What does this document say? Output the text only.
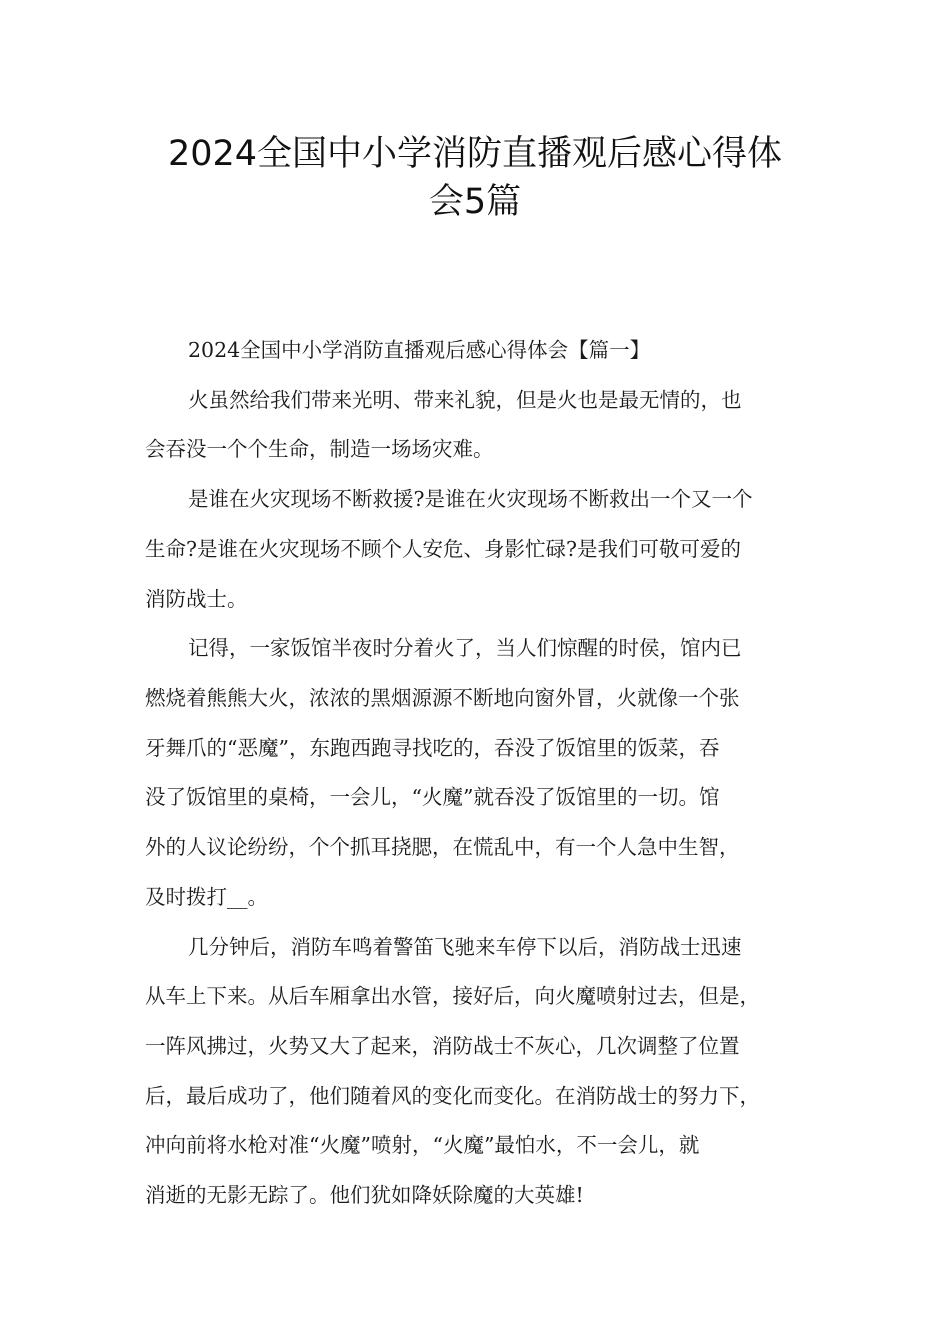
2024全国中小学消防直播观后感心得体
会5篇

2024全国中小学消防直播观后感心得体会【篇一】

火虽然给我们带来光明、带来礼貌，但是火也是最无情的，也

会吞没一个个生命，制造一场场灾难。

是谁在火灾现场不断救援?是谁在火灾现场不断救出一个又一个

生命?是谁在火灾现场不顾个人安危、身影忙碌?是我们可敬可爱的

消防战士。

记得，一家饭馆半夜时分着火了，当人们惊醒的时侯，馆内已

燃烧着熊熊大火，浓浓的黑烟源源不断地向窗外冒，火就像一个张

牙舞爪的“恶魔”，东跑西跑寻找吃的，吞没了饭馆里的饭菜，吞

没了饭馆里的桌椅，一会儿，“火魔”就吞没了饭馆里的一切。馆

外的人议论纷纷，个个抓耳挠腮，在慌乱中，有一个人急中生智，

及时拨打__。

几分钟后，消防车鸣着警笛飞驰来车停下以后，消防战士迅速

从车上下来。从后车厢拿出水管，接好后，向火魔喷射过去，但是，

一阵风拂过，火势又大了起来，消防战士不灰心，几次调整了位置

后，最后成功了，他们随着风的变化而变化。在消防战士的努力下，

冲向前将水枪对准“火魔”喷射，“火魔”最怕水，不一会儿，就

消逝的无影无踪了。他们犹如降妖除魔的大英雄!
